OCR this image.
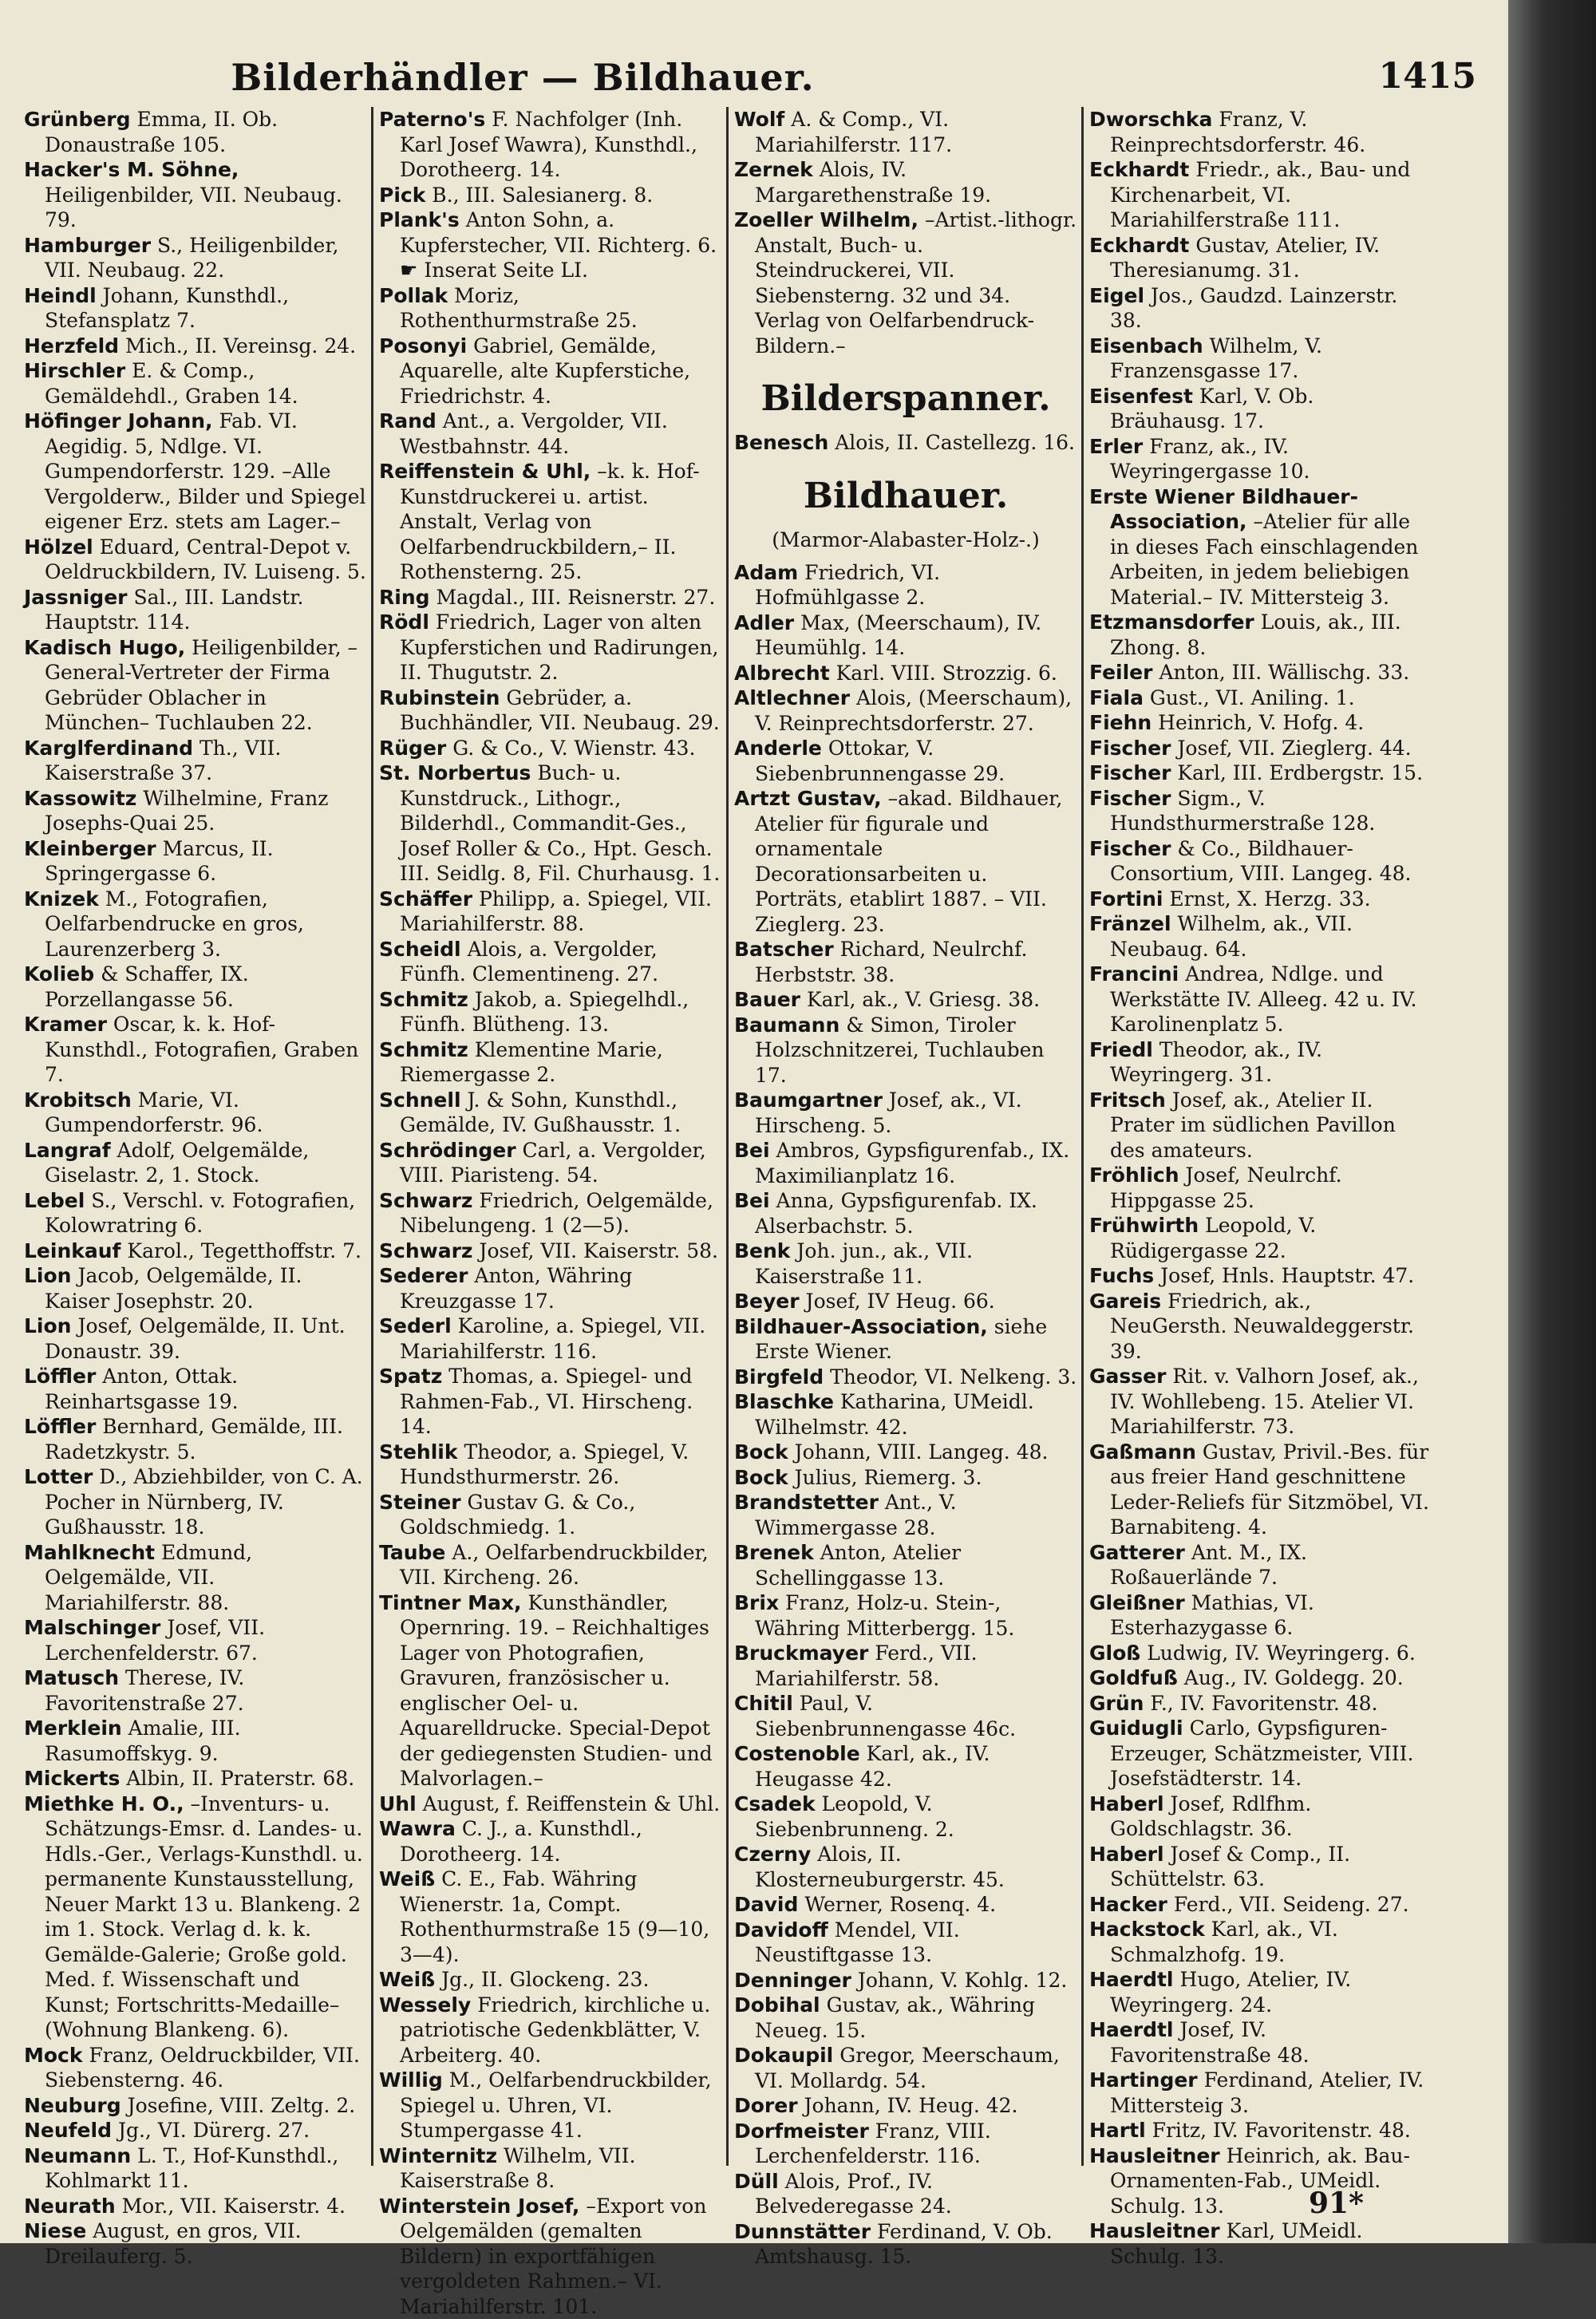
Bilderhändler — Bildhauer.	1415

Grünberg Emma, II. Ob. Donaustraße 105.

Hacker's M. Söhne, Heiligenbilder, VII. Neubaug. 79.

Hamburger S., Heiligenbilder, VII. Neubaug. 22.

Heindl Johann, Kunsthdl., Stefansplatz 7.

Herzfeld Mich., II. Vereinsg. 24.

Hirschler E. & Comp., Gemäldehdl., Graben 14.

Höfinger Johann, Fab. VI. Aegidig. 5, Ndlge. VI. Gumpendorferstr. 129. –Alle Vergolderw., Bilder und Spiegel eigener Erz. stets am Lager.–

Hölzel Eduard, Central-Depot v. Oeldruckbildern, IV. Luiseng. 5.

Jassniger Sal., III. Landstr. Hauptstr. 114.

Kadisch Hugo, Heiligenbilder, –General-Vertreter der Firma Gebrüder Oblacher in München– Tuchlauben 22.

Karglferdinand Th., VII. Kaiserstraße 37.

Kassowitz Wilhelmine, Franz Josephs-Quai 25.

Kleinberger Marcus, II. Springergasse 6.

Knizek M., Fotografien, Oelfarbendrucke en gros, Laurenzerberg 3.

Kolieb & Schaffer, IX. Porzellangasse 56.

Kramer Oscar, k. k. Hof-Kunsthdl., Fotografien, Graben 7.

Krobitsch Marie, VI. Gumpendorferstr. 96.

Langraf Adolf, Oelgemälde, Giselastr. 2, 1. Stock.

Lebel S., Verschl. v. Fotografien, Kolowratring 6.

Leinkauf Karol., Tegetthoffstr. 7.

Lion Jacob, Oelgemälde, II. Kaiser Josephstr. 20.

Lion Josef, Oelgemälde, II. Unt. Donaustr. 39.

Löffler Anton, Ottak. Reinhartsgasse 19.

Löffler Bernhard, Gemälde, III. Radetzkystr. 5.

Lotter D., Abziehbilder, von C. A. Pocher in Nürnberg, IV. Gußhausstr. 18.

Mahlknecht Edmund, Oelgemälde, VII. Mariahilferstr. 88.

Malschinger Josef, VII. Lerchenfelderstr. 67.

Matusch Therese, IV. Favoritenstraße 27.

Merklein Amalie, III. Rasumoffskyg. 9.

Mickerts Albin, II. Praterstr. 68.

Miethke H. O., –Inventurs- u. Schätzungs-Emsr. d. Landes- u. Hdls.-Ger., Verlags-Kunsthdl. u. permanente Kunstausstellung, Neuer Markt 13 u. Blankeng. 2 im 1. Stock. Verlag d. k. k. Gemälde-Galerie; Große gold. Med. f. Wissenschaft und Kunst; Fortschritts-Medaille– (Wohnung Blankeng. 6).

Mock Franz, Oeldruckbilder, VII. Siebensterng. 46.

Neuburg Josefine, VIII. Zeltg. 2.

Neufeld Jg., VI. Dürerg. 27.

Neumann L. T., Hof-Kunsthdl., Kohlmarkt 11.

Neurath Mor., VII. Kaiserstr. 4.

Niese August, en gros, VII. Dreilauferg. 5.

Paterno's F. Nachfolger (Inh. Karl Josef Wawra), Kunsthdl., Dorotheerg. 14.

Pick B., III. Salesianerg. 8.

Plank's Anton Sohn, a. Kupferstecher, VII. Richterg. 6. ☛ Inserat Seite LI.

Pollak Moriz, Rothenthurmstraße 25.

Posonyi Gabriel, Gemälde, Aquarelle, alte Kupferstiche, Friedrichstr. 4.

Rand Ant., a. Vergolder, VII. Westbahnstr. 44.

Reiffenstein & Uhl, –k. k. Hof-Kunstdruckerei u. artist. Anstalt, Verlag von Oelfarbendruckbildern,– II. Rothensterng. 25.

Ring Magdal., III. Reisnerstr. 27.

Rödl Friedrich, Lager von alten Kupferstichen und Radirungen, II. Thugutstr. 2.

Rubinstein Gebrüder, a. Buchhändler, VII. Neubaug. 29.

Rüger G. & Co., V. Wienstr. 43.

St. Norbertus Buch- u. Kunstdruck., Lithogr., Bilderhdl., Commandit-Ges., Josef Roller & Co., Hpt. Gesch. III. Seidlg. 8, Fil. Churhausg. 1.

Schäffer Philipp, a. Spiegel, VII. Mariahilferstr. 88.

Scheidl Alois, a. Vergolder, Fünfh. Clementineng. 27.

Schmitz Jakob, a. Spiegelhdl., Fünfh. Blütheng. 13.

Schmitz Klementine Marie, Riemergasse 2.

Schnell J. & Sohn, Kunsthdl., Gemälde, IV. Gußhausstr. 1.

Schrödinger Carl, a. Vergolder, VIII. Piaristeng. 54.

Schwarz Friedrich, Oelgemälde, Nibelungeng. 1 (2—5).

Schwarz Josef, VII. Kaiserstr. 58.

Sederer Anton, Währing Kreuzgasse 17.

Sederl Karoline, a. Spiegel, VII. Mariahilferstr. 116.

Spatz Thomas, a. Spiegel- und Rahmen-Fab., VI. Hirscheng. 14.

Stehlik Theodor, a. Spiegel, V. Hundsthurmerstr. 26.

Steiner Gustav G. & Co., Goldschmiedg. 1.

Taube A., Oelfarbendruckbilder, VII. Kircheng. 26.

Tintner Max, Kunsthändler, Opernring. 19. – Reichhaltiges Lager von Photografien, Gravuren, französischer u. englischer Oel- u. Aquarelldrucke. Special-Depot der gediegensten Studien- und Malvorlagen.–

Uhl August, f. Reiffenstein & Uhl.

Wawra C. J., a. Kunsthdl., Dorotheerg. 14.

Weiß C. E., Fab. Währing Wienerstr. 1a, Compt. Rothenthurmstraße 15 (9—10, 3—4).

Weiß Jg., II. Glockeng. 23.

Wessely Friedrich, kirchliche u. patriotische Gedenkblätter, V. Arbeiterg. 40.

Willig M., Oelfarbendruckbilder, Spiegel u. Uhren, VI. Stumpergasse 41.

Winternitz Wilhelm, VII. Kaiserstraße 8.

Winterstein Josef, –Export von Oelgemälden (gemalten Bildern) in exportfähigen vergoldeten Rahmen.– VI. Mariahilferstr. 101.

Wolf A. & Comp., VI. Mariahilferstr. 117.

Zernek Alois, IV. Margarethenstraße 19.

Zoeller Wilhelm, –Artist.-lithogr. Anstalt, Buch- u. Steindruckerei, VII. Siebensterng. 32 und 34. Verlag von Oelfarbendruck-Bildern.–

Bilderspanner.

Benesch Alois, II. Castellezg. 16.

Bildhauer.
(Marmor-Alabaster-Holz-.)

Adam Friedrich, VI. Hofmühlgasse 2.

Adler Max, (Meerschaum), IV. Heumühlg. 14.

Albrecht Karl. VIII. Strozzig. 6.

Altlechner Alois, (Meerschaum), V. Reinprechtsdorferstr. 27.

Anderle Ottokar, V. Siebenbrunnengasse 29.

Artzt Gustav, –akad. Bildhauer, Atelier für figurale und ornamentale Decorationsarbeiten u. Porträts, etablirt 1887. – VII. Zieglerg. 23.

Batscher Richard, Neulrchf. Herbststr. 38.

Bauer Karl, ak., V. Griesg. 38.

Baumann & Simon, Tiroler Holzschnitzerei, Tuchlauben 17.

Baumgartner Josef, ak., VI. Hirscheng. 5.

Bei Ambros, Gypsfigurenfab., IX. Maximilianplatz 16.

Bei Anna, Gypsfigurenfab. IX. Alserbachstr. 5.

Benk Joh. jun., ak., VII. Kaiserstraße 11.

Beyer Josef, IV Heug. 66.

Bildhauer-Association, siehe Erste Wiener.

Birgfeld Theodor, VI. Nelkeng. 3.

Blaschke Katharina, UMeidl. Wilhelmstr. 42.

Bock Johann, VIII. Langeg. 48.

Bock Julius, Riemerg. 3.

Brandstetter Ant., V. Wimmergasse 28.

Brenek Anton, Atelier Schellinggasse 13.

Brix Franz, Holz-u. Stein-, Währing Mitterbergg. 15.

Bruckmayer Ferd., VII. Mariahilferstr. 58.

Chitil Paul, V. Siebenbrunnengasse 46c.

Costenoble Karl, ak., IV. Heugasse 42.

Csadek Leopold, V. Siebenbrunneng. 2.

Czerny Alois, II. Klosterneuburgerstr. 45.

David Werner, Rosenq. 4.

Davidoff Mendel, VII. Neustiftgasse 13.

Denninger Johann, V. Kohlg. 12.

Dobihal Gustav, ak., Währing Neueg. 15.

Dokaupil Gregor, Meerschaum, VI. Mollardg. 54.

Dorer Johann, IV. Heug. 42.

Dorfmeister Franz, VIII. Lerchenfelderstr. 116.

Düll Alois, Prof., IV. Belvederegasse 24.

Dunnstätter Ferdinand, V. Ob. Amtshausg. 15.

Dworschka Franz, V. Reinprechtsdorferstr. 46.

Eckhardt Friedr., ak., Bau- und Kirchenarbeit, VI. Mariahilferstraße 111.

Eckhardt Gustav, Atelier, IV. Theresianumg. 31.

Eigel Jos., Gaudzd. Lainzerstr. 38.

Eisenbach Wilhelm, V. Franzensgasse 17.

Eisenfest Karl, V. Ob. Bräuhausg. 17.

Erler Franz, ak., IV. Weyringergasse 10.

Erste Wiener Bildhauer-Association, –Atelier für alle in dieses Fach einschlagenden Arbeiten, in jedem beliebigen Material.– IV. Mittersteig 3.

Etzmansdorfer Louis, ak., III. Zhong. 8.

Feiler Anton, III. Wällischg. 33.

Fiala Gust., VI. Aniling. 1.

Fiehn Heinrich, V. Hofg. 4.

Fischer Josef, VII. Zieglerg. 44.

Fischer Karl, III. Erdbergstr. 15.

Fischer Sigm., V. Hundsthurmerstraße 128.

Fischer & Co., Bildhauer-Consortium, VIII. Langeg. 48.

Fortini Ernst, X. Herzg. 33.

Fränzel Wilhelm, ak., VII. Neubaug. 64.

Francini Andrea, Ndlge. und Werkstätte IV. Alleeg. 42 u. IV. Karolinenplatz 5.

Friedl Theodor, ak., IV. Weyringerg. 31.

Fritsch Josef, ak., Atelier II. Prater im südlichen Pavillon des amateurs.

Fröhlich Josef, Neulrchf. Hippgasse 25.

Frühwirth Leopold, V. Rüdigergasse 22.

Fuchs Josef, Hnls. Hauptstr. 47.

Gareis Friedrich, ak., NeuGersth. Neuwaldeggerstr. 39.

Gasser Rit. v. Valhorn Josef, ak., IV. Wohllebeng. 15. Atelier VI. Mariahilferstr. 73.

Gaßmann Gustav, Privil.-Bes. für aus freier Hand geschnittene Leder-Reliefs für Sitzmöbel, VI. Barnabiteng. 4.

Gatterer Ant. M., IX. Roßauerlände 7.

Gleißner Mathias, VI. Esterhazygasse 6.

Gloß Ludwig, IV. Weyringerg. 6.

Goldfuß Aug., IV. Goldegg. 20.

Grün F., IV. Favoritenstr. 48.

Guidugli Carlo, Gypsfiguren-Erzeuger, Schätzmeister, VIII. Josefstädterstr. 14.

Haberl Josef, Rdlfhm. Goldschlagstr. 36.

Haberl Josef & Comp., II. Schüttelstr. 63.

Hacker Ferd., VII. Seideng. 27.

Hackstock Karl, ak., VI. Schmalzhofg. 19.

Haerdtl Hugo, Atelier, IV. Weyringerg. 24.

Haerdtl Josef, IV. Favoritenstraße 48.

Hartinger Ferdinand, Atelier, IV. Mittersteig 3.

Hartl Fritz, IV. Favoritenstr. 48.

Hausleitner Heinrich, ak. Bau-Ornamenten-Fab., UMeidl. Schulg. 13.

Hausleitner Karl, UMeidl. Schulg. 13.

91*
